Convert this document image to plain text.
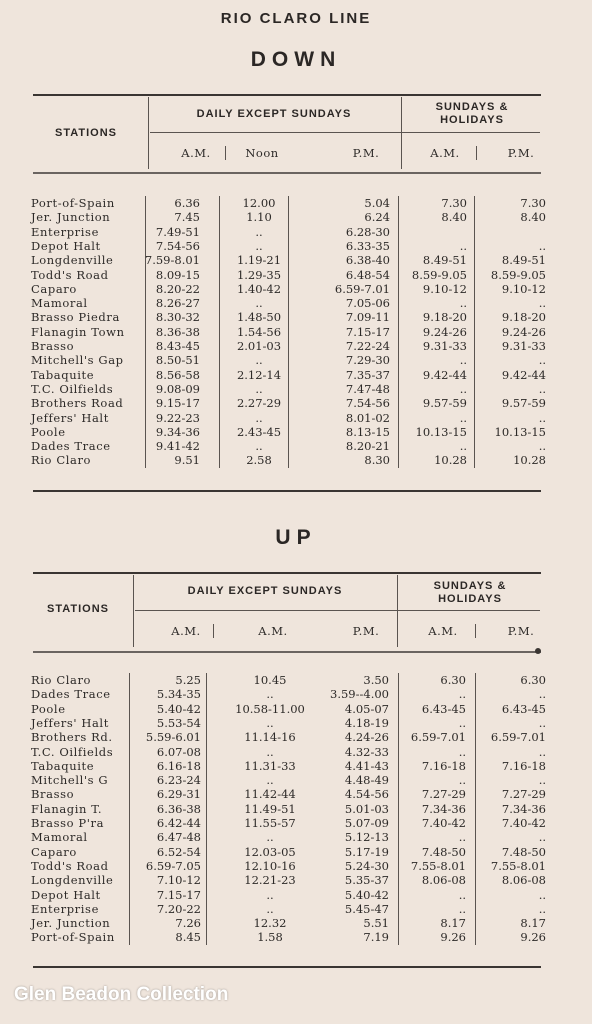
RIO CLARO LINE
DOWN
STATIONS
DAILY EXCEPT SUNDAYS
SUNDAYS &
HOLIDAYS
A.M.	Noon	P.M.	A.M.	P.M.
Port-of-Spain	6.36	12.00	5.04	7.30	7.30
Jer. Junction	7.45	1.10	6.24	8.40	8.40
Enterprise	7.49-51	..	6.28-30
Depot Halt	7.54-56	..	6.33-35	..	..
Longdenville	7.59-8.01	1.19-21	6.38-40	8.49-51	8.49-51
Todd's Road	8.09-15	1.29-35	6.48-54 8.59-9.05 8.59-9.05
Caparo	8.20-22	1.40-42	6.59-7.01	9.10-12	9.10-12
Mamoral	8.26-27	..	7.05-06	..	..
Brasso Piedra	8.30-32	1.48-50	7.09-11	9.18-20	9.18-20
Flanagin Town	8.36-38	1.54-56	7.15-17	9.24-26	9.24-26
Brasso	8.43-45	2.01-03	7.22-24	9.31-33	9.31-33
Mitchell's Gap	8.50-51	..	7.29-30	..	..
Tabaquite	8.56-58	2.12-14	7.35-37	9.42-44	9.42-44
T.C. Oilfields	9.08-09	..	7.47-48	..	..
Brothers Road	9.15-17	2.27-29	7.54-56	9.57-59	9.57-59
Jeffers' Halt	9.22-23	..	8.01-02	..	..
Poole	9.34-36	2.43-45	8.13-15 10.13-15 10.13-15
Dades Trace	9.41-42	..	8.20-21	..	..
Rio Claro	9.51	2.58	8.30	10.28	10.28
UP
STATIONS
DAILY EXCEPT SUNDAYS	SUNDAYS &
HOLIDAYS
A.M.	A.M.	P.M.	A.M.	P.M.
Rio Claro	5.25	10.45	3.50	6.30	6.30
Dades Trace	5.34-35	..	3.59--4.00	..	..
Poole	5.40-42	10.58-11.00	4.05-07	6.43-45	6.43-45
Jeffers' Halt	5.53-54	..	4.18-19	..	..
Brothers Rd.	5.59-6.01	11.14-16	4.24-26 6.59-7.01 6.59-7.01
T.C. Oilfields	6.07-08	..	4.32-33	..	..
Tabaquite	6.16-18	11.31-33	4.41-43	7.16-18	7.16-18
Mitchell's G	6.23-24	..	4.48-49	..	..
Brasso	6.29-31	11.42-44	4.54-56	7.27-29	7.27-29
Flanagin T.	6.36-38	11.49-51	5.01-03	7.34-36	7.34-36
Brasso P'ra	6.42-44	11.55-57	5.07-09	7.40-42	7.40-42
Mamoral	6.47-48	..	5.12-13	..	..
Caparo	6.52-54	12.03-05	5.17-19	7.48-50	7.48-50
Todd's Road	6.59-7.05	12.10-16	5.24-30 7.55-8.01 7.55-8.01
Longdenville	7.10-12	12.21-23	5.35-37	8.06-08	8.06-08
Depot Halt	7.15-17	..	5.40-42	..	..
Enterprise	7.20-22	..	5.45-47	..	..
Jer. Junction	7.26	12.32	5.51	8.17	8.17
Port-of-Spain	8.45	1.58	7.19	9.26	9.26
Glen Beadon Collection
